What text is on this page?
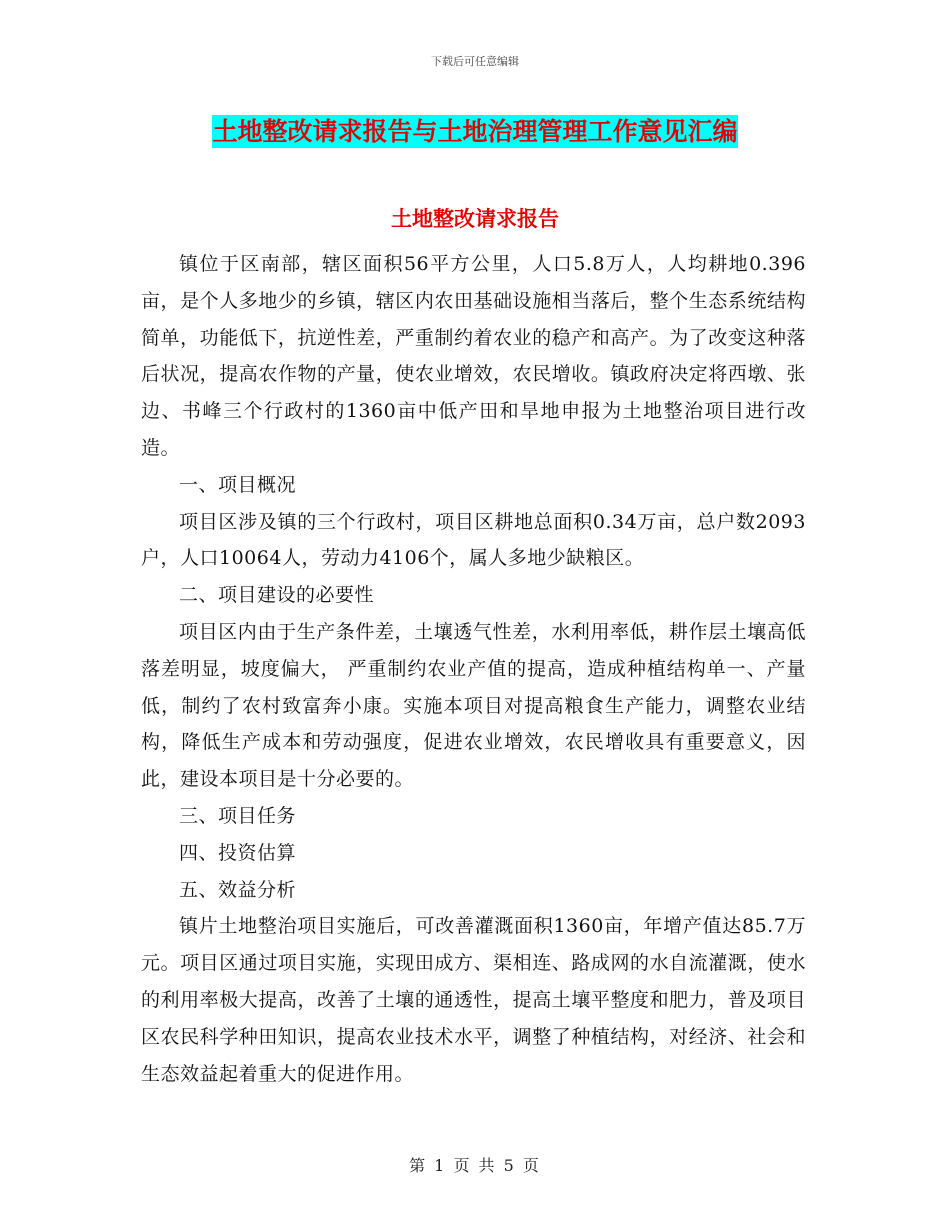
下载后可任意编辑
土地整改请求报告与土地治理管理工作意见汇编
土地整改请求报告

镇位于区南部，辖区面积56平方公里，人口5.8万人，人均耕地0.396亩，是个人多地少的乡镇，辖区内农田基础设施相当落后，整个生态系统结构简单，功能低下，抗逆性差，严重制约着农业的稳产和高产。为了改变这种落后状况，提高农作物的产量，使农业增效，农民增收。镇政府决定将西墩、张边、书峰三个行政村的1360亩中低产田和旱地申报为土地整治项目进行改造。

一、项目概况

项目区涉及镇的三个行政村，项目区耕地总面积0.34万亩，总户数2093户，人口10064人，劳动力4106个，属人多地少缺粮区。

二、项目建设的必要性

项目区内由于生产条件差，土壤透气性差，水利用率低，耕作层土壤高低落差明显，坡度偏大， 严重制约农业产值的提高，造成种植结构单一、产量低，制约了农村致富奔小康。实施本项目对提高粮食生产能力，调整农业结构，降低生产成本和劳动强度，促进农业增效，农民增收具有重要意义，因此，建设本项目是十分必要的。

三、项目任务

四、投资估算

五、效益分析

镇片土地整治项目实施后，可改善灌溉面积1360亩，年增产值达85.7万元。项目区通过项目实施，实现田成方、渠相连、路成网的水自流灌溉，使水的利用率极大提高，改善了土壤的通透性，提高土壤平整度和肥力，普及项目区农民科学种田知识，提高农业技术水平，调整了种植结构，对经济、社会和生态效益起着重大的促进作用。

第 1 页 共 5 页
